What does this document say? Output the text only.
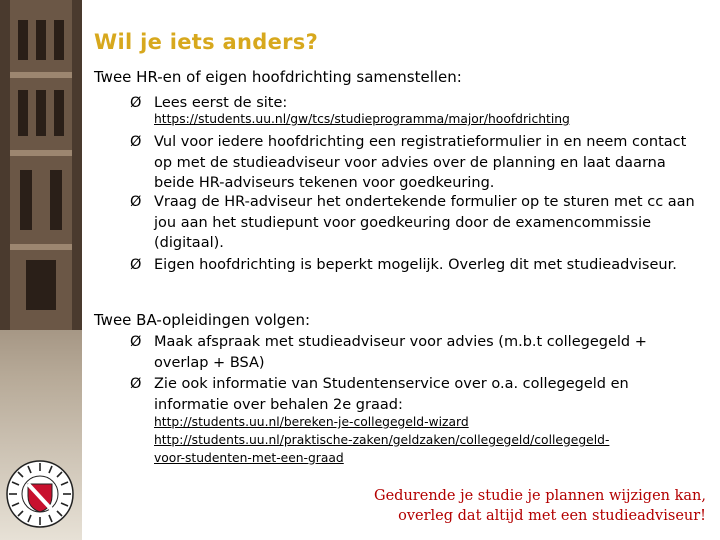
Wil je iets anders?
Twee HR-en of eigen hoofdrichting samenstellen:
Ø Lees eerst de site:
https://students.uu.nl/gw/tcs/studieprogramma/major/hoofdrichting
Ø Vul voor iedere hoofdrichting een registratieformulier in en neem contact op met de studieadviseur voor advies over de planning en laat daarna beide HR-adviseurs tekenen voor goedkeuring.
Ø Vraag de HR-adviseur het ondertekende formulier op te sturen met cc aan jou aan het studiepunt voor goedkeuring door de examencommissie (digitaal).
Ø Eigen hoofdrichting is beperkt mogelijk. Overleg dit met studieadviseur.
Twee BA-opleidingen volgen:
Ø Maak afspraak met studieadviseur voor advies (m.b.t collegegeld + overlap + BSA)
Ø Zie ook informatie van Studentenservice over o.a. collegegeld en informatie over behalen 2e graad:
http://students.uu.nl/bereken-je-collegegeld-wizard
http://students.uu.nl/praktische-zaken/geldzaken/collegegeld/collegegeld-
voor-studenten-met-een-graad
Gedurende je studie je plannen wijzigen kan,
overleg dat altijd met een studieadviseur!
